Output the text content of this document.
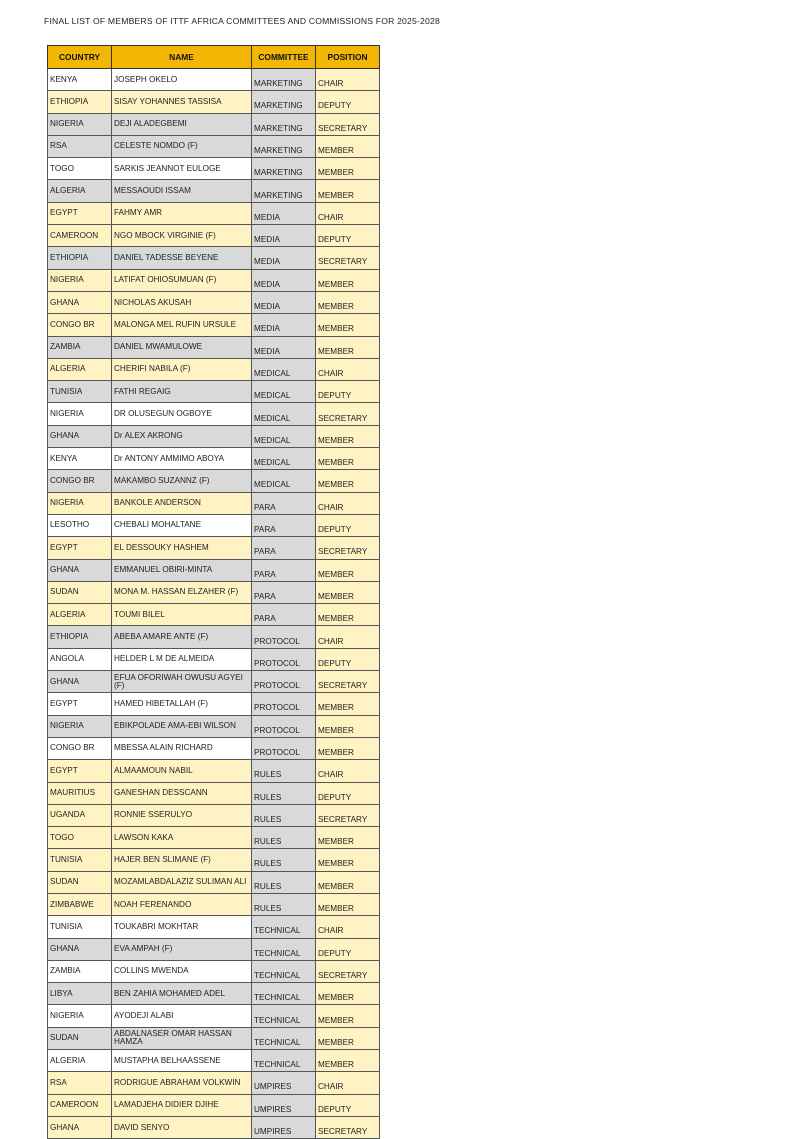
FINAL LIST OF MEMBERS OF ITTF AFRICA COMMITTEES AND COMMISSIONS FOR 2025-2028
COUNTRY	NAME	COMMITTEE	POSITION
KENYA	JOSEPH OKELO	MARKETING	CHAIR
ETHIOPIA	SISAY YOHANNES TASSISA	MARKETING	DEPUTY
NIGERIA	DEJI ALADEGBEMI	MARKETING	SECRETARY
RSA	CELESTE NOMDO (F)	MARKETING	MEMBER
TOGO	SARKIS JEANNOT EULOGE	MARKETING	MEMBER
ALGERIA	MESSAOUDI ISSAM	MARKETING	MEMBER
EGYPT	FAHMY AMR	MEDIA	CHAIR
CAMEROON	NGO MBOCK VIRGINIE (F)	MEDIA	DEPUTY
ETHIOPIA	DANIEL TADESSE BEYENE	MEDIA	SECRETARY
NIGERIA	LATIFAT OHIOSUMUAN (F)	MEDIA	MEMBER
GHANA	NICHOLAS AKUSAH	MEDIA	MEMBER
CONGO BR	MALONGA MEL RUFIN URSULE	MEDIA	MEMBER
ZAMBIA	DANIEL MWAMULOWE	MEDIA	MEMBER
ALGERIA	CHERIFI NABILA (F)	MEDICAL	CHAIR
TUNISIA	FATHI REGAIG	MEDICAL	DEPUTY
NIGERIA	DR OLUSEGUN OGBOYE	MEDICAL	SECRETARY
GHANA	Dr ALEX AKRONG	MEDICAL	MEMBER
KENYA	Dr ANTONY AMMIMO ABOYA	MEDICAL	MEMBER
CONGO BR	MAKAMBO SUZANNZ (F)	MEDICAL	MEMBER
NIGERIA	BANKOLE ANDERSON	PARA	CHAIR
LESOTHO	CHEBALI MOHALTANE	PARA	DEPUTY
EGYPT	EL DESSOUKY HASHEM	PARA	SECRETARY
GHANA	EMMANUEL OBIRI-MINTA	PARA	MEMBER
SUDAN	MONA M. HASSAN ELZAHER (F)	PARA	MEMBER
ALGERIA	TOUMI BILEL	PARA	MEMBER
ETHIOPIA	ABEBA AMARE ANTE (F)	PROTOCOL	CHAIR
ANGOLA	HELDER L M DE ALMEIDA	PROTOCOL	DEPUTY
GHANA	EFUA OFORIWAH OWUSU AGYEI (F)	PROTOCOL	SECRETARY
EGYPT	HAMED HIBETALLAH (F)	PROTOCOL	MEMBER
NIGERIA	EBIKPOLADE AMA-EBI WILSON	PROTOCOL	MEMBER
CONGO BR	MBESSA ALAIN RICHARD	PROTOCOL	MEMBER
EGYPT	ALMAAMOUN NABIL	RULES	CHAIR
MAURITIUS	GANESHAN DESSCANN	RULES	DEPUTY
UGANDA	RONNIE SSERULYO	RULES	SECRETARY
TOGO	LAWSON KAKA	RULES	MEMBER
TUNISIA	HAJER BEN SLIMANE (F)	RULES	MEMBER
SUDAN	MOZAMLABDALAZIZ SULIMAN ALI	RULES	MEMBER
ZIMBABWE	NOAH FERENANDO	RULES	MEMBER
TUNISIA	TOUKABRI MOKHTAR	TECHNICAL	CHAIR
GHANA	EVA AMPAH (F)	TECHNICAL	DEPUTY
ZAMBIA	COLLINS MWENDA	TECHNICAL	SECRETARY
LIBYA	BEN ZAHIA MOHAMED ADEL	TECHNICAL	MEMBER
NIGERIA	AYODEJI ALABI	TECHNICAL	MEMBER
SUDAN	ABDALNASER OMAR HASSAN HAMZA	TECHNICAL	MEMBER
ALGERIA	MUSTAPHA BELHAASSENE	TECHNICAL	MEMBER
RSA	RODRIGUE ABRAHAM VOLKWIN	UMPIRES	CHAIR
CAMEROON	LAMADJEHA DIDIER DJIHE	UMPIRES	DEPUTY
GHANA	DAVID SENYO	UMPIRES	SECRETARY
